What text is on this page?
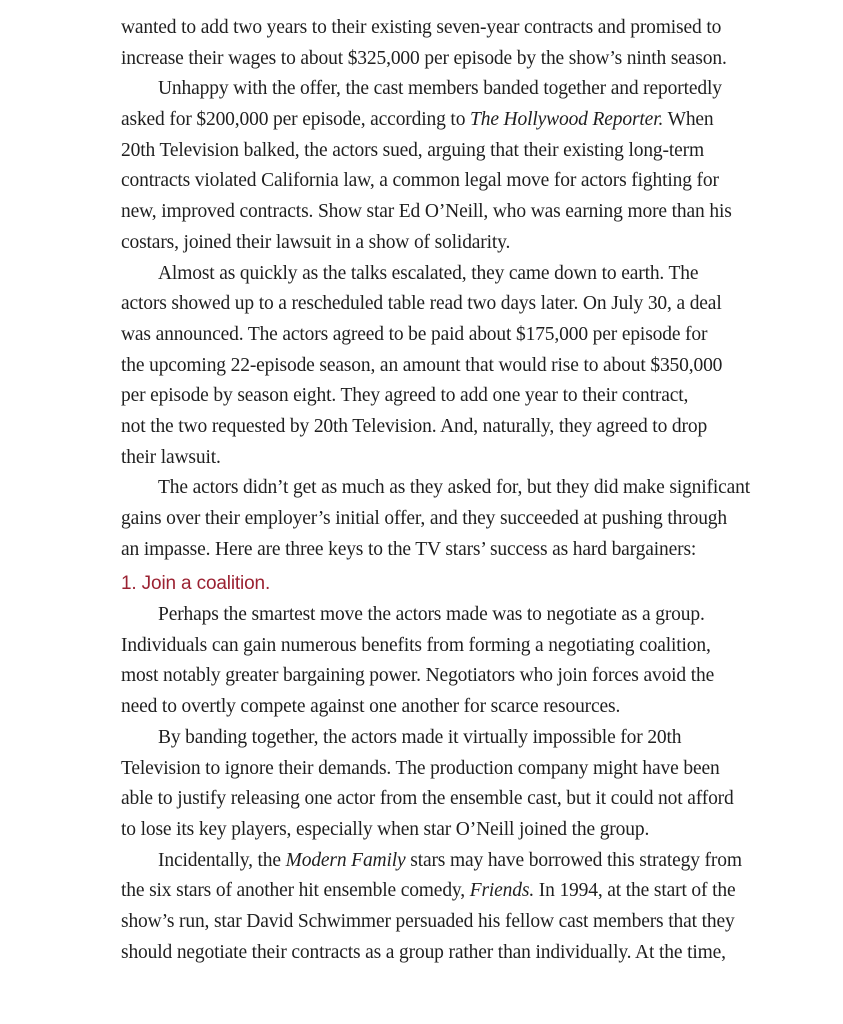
wanted to add two years to their existing seven-year contracts and promised to
increase their wages to about $325,000 per episode by the show’s ninth season.
Unhappy with the offer, the cast members banded together and reportedly
asked for $200,000 per episode, according to The Hollywood Reporter. When
20th Television balked, the actors sued, arguing that their existing long-term
contracts violated California law, a common legal move for actors fighting for
new, improved contracts. Show star Ed O’Neill, who was earning more than his
costars, joined their lawsuit in a show of solidarity.
Almost as quickly as the talks escalated, they came down to earth. The
actors showed up to a rescheduled table read two days later. On July 30, a deal
was announced. The actors agreed to be paid about $175,000 per episode for
the upcoming 22-episode season, an amount that would rise to about $350,000
per episode by season eight. They agreed to add one year to their contract,
not the two requested by 20th Television. And, naturally, they agreed to drop
their lawsuit.
The actors didn’t get as much as they asked for, but they did make significant
gains over their employer’s initial offer, and they succeeded at pushing through
an impasse. Here are three keys to the TV stars’ success as hard bargainers:
1. Join a coalition.
Perhaps the smartest move the actors made was to negotiate as a group.
Individuals can gain numerous benefits from forming a negotiating coalition,
most notably greater bargaining power. Negotiators who join forces avoid the
need to overtly compete against one another for scarce resources.
By banding together, the actors made it virtually impossible for 20th
Television to ignore their demands. The production company might have been
able to justify releasing one actor from the ensemble cast, but it could not afford
to lose its key players, especially when star O’Neill joined the group.
Incidentally, the Modern Family stars may have borrowed this strategy from
the six stars of another hit ensemble comedy, Friends. In 1994, at the start of the
show’s run, star David Schwimmer persuaded his fellow cast members that they
should negotiate their contracts as a group rather than individually. At the time,
